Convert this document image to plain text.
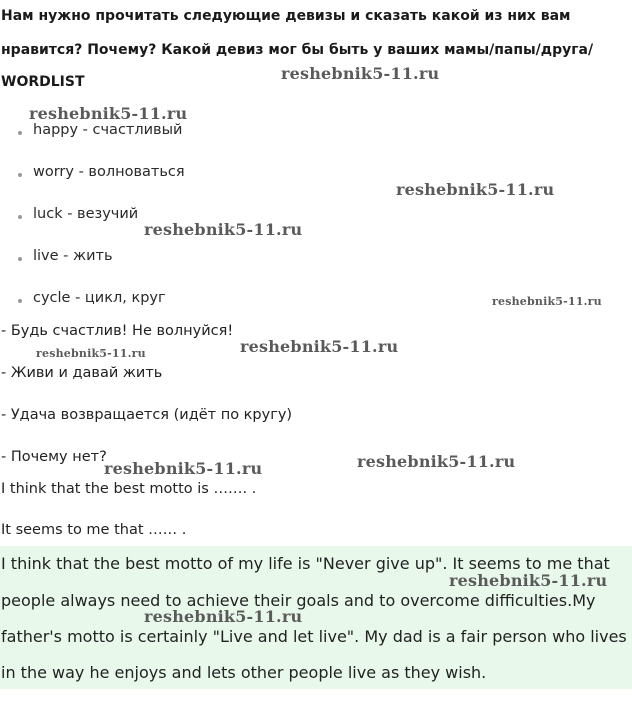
Нам нужно прочитать следующие девизы и сказать какой из них вам
нравится? Почему? Какой девиз мог бы быть у ваших мамы/папы/друга/
WORDLIST
happy - счастливый
worry - волноваться
luck - везучий
live - жить
cycle - цикл, круг
- Будь счастлив! Не волнуйся!
- Живи и давай жить
- Удача возвращается (идёт по кругу)
- Почему нет?
I think that the best motto is ……. .
It seems to me that …… .
I think that the best motto of my life is "Never give up". It seems to me that
people always need to achieve their goals and to overcome difficulties.My
father's motto is certainly "Live and let live". My dad is a fair person who lives
in the way he enjoys and lets other people live as they wish.
reshebnik5-11.ru
reshebnik5-11.ru
reshebnik5-11.ru
reshebnik5-11.ru
reshebnik5-11.ru
reshebnik5-11.ru
reshebnik5-11.ru
reshebnik5-11.ru	reshebnik5-11.ru
reshebnik5-11.ru
reshebnik5-11.ru
